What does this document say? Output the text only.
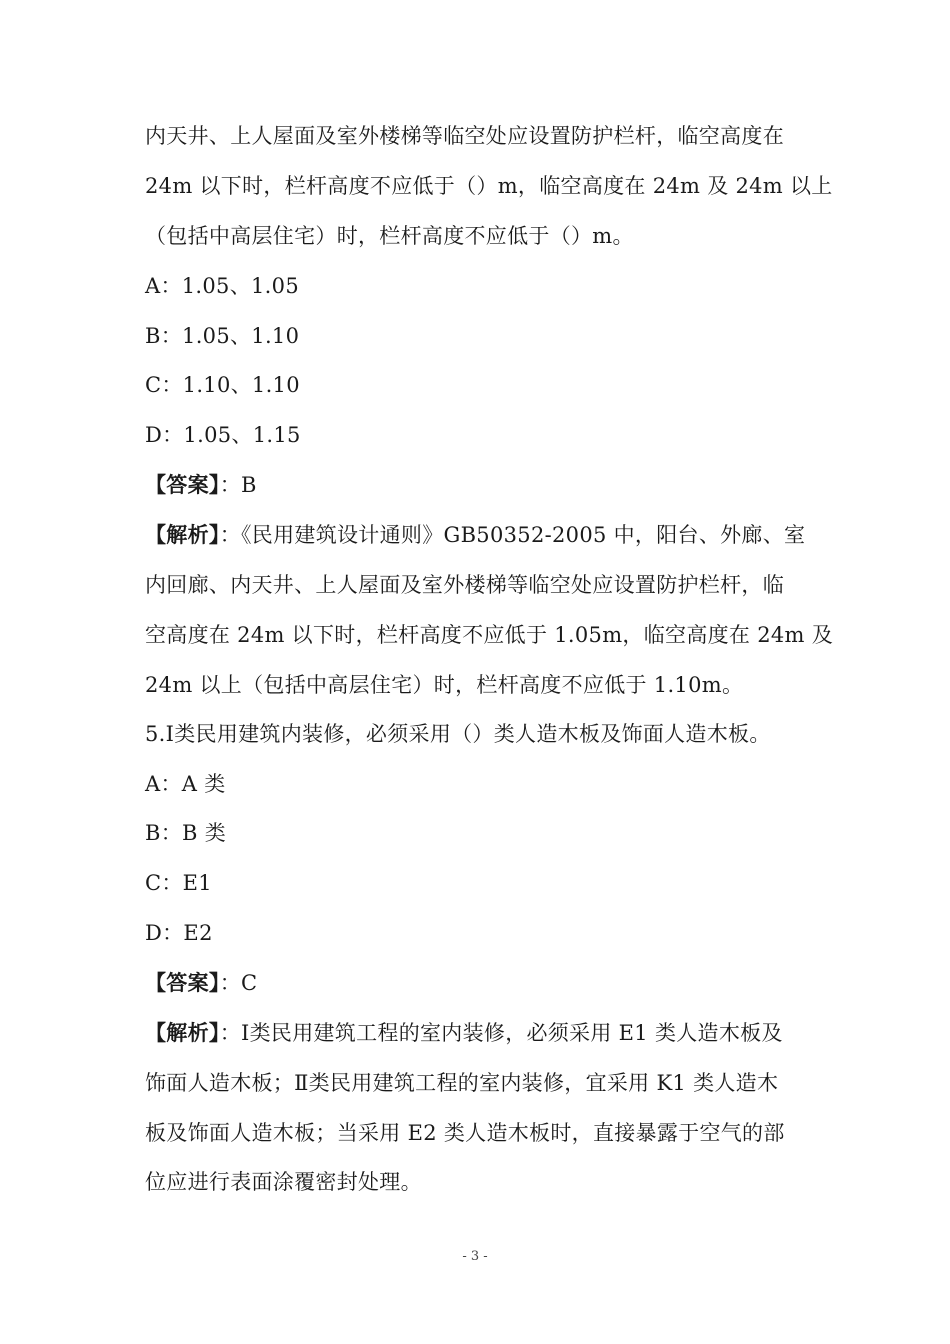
内天井、上人屋面及室外楼梯等临空处应设置防护栏杆，临空高度在
24m 以下时，栏杆高度不应低于（）m，临空高度在 24m 及 24m 以上
（包括中高层住宅）时，栏杆高度不应低于（）m。
A：1.05、1.05
B：1.05、1.10
C：1.10、1.10
D：1.05、1.15
【答案】：B
【解析】：《民用建筑设计通则》GB50352-2005 中，阳台、外廊、室
内回廊、内天井、上人屋面及室外楼梯等临空处应设置防护栏杆，临
空高度在 24m 以下时，栏杆高度不应低于 1.05m，临空高度在 24m 及
24m 以上（包括中高层住宅）时，栏杆高度不应低于 1.10m。
5.Ⅰ类民用建筑内装修，必须采用（）类人造木板及饰面人造木板。
A：A 类
B：B 类
C：E1
D：E2
【答案】：C
【解析】：Ⅰ类民用建筑工程的室内装修，必须采用 E1 类人造木板及
饰面人造木板；Ⅱ类民用建筑工程的室内装修，宜采用 K1 类人造木
板及饰面人造木板；当采用 E2 类人造木板时，直接暴露于空气的部
位应进行表面涂覆密封处理。
- 3 -
